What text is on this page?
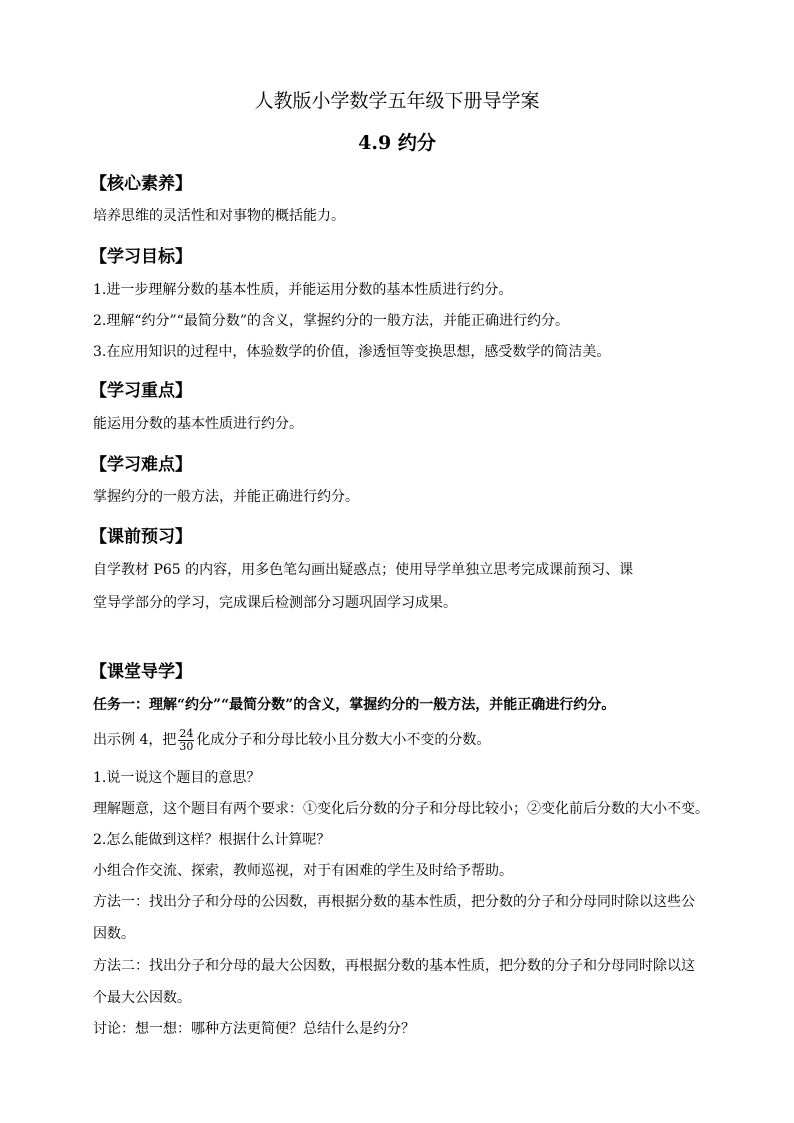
人教版小学数学五年级下册导学案
4.9 约分
【核心素养】
培养思维的灵活性和对事物的概括能力。
【学习目标】
1.进一步理解分数的基本性质，并能运用分数的基本性质进行约分。
2.理解“约分”“最简分数”的含义，掌握约分的一般方法，并能正确进行约分。
3.在应用知识的过程中，体验数学的价值，渗透恒等变换思想，感受数学的简洁美。
【学习重点】
能运用分数的基本性质进行约分。
【学习难点】
掌握约分的一般方法，并能正确进行约分。
【课前预习】
自学教材 P65 的内容，用多色笔勾画出疑惑点；使用导学单独立思考完成课前预习、课
堂导学部分的学习，完成课后检测部分习题巩固学习成果。
【课堂导学】
任务一：理解“约分”“最简分数”的含义，掌握约分的一般方法，并能正确进行约分。
出示例 4，把 $\frac{24}{30}$ 化成分子和分母比较小且分数大小不变的分数。
1.说一说这个题目的意思？
理解题意，这个题目有两个要求：①变化后分数的分子和分母比较小；②变化前后分数的大小不变。
2.怎么能做到这样？根据什么计算呢？
小组合作交流、探索，教师巡视，对于有困难的学生及时给予帮助。
方法一：找出分子和分母的公因数，再根据分数的基本性质，把分数的分子和分母同时除以这些公
因数。
方法二：找出分子和分母的最大公因数，再根据分数的基本性质，把分数的分子和分母同时除以这
个最大公因数。
讨论：想一想：哪种方法更简便？总结什么是约分？
